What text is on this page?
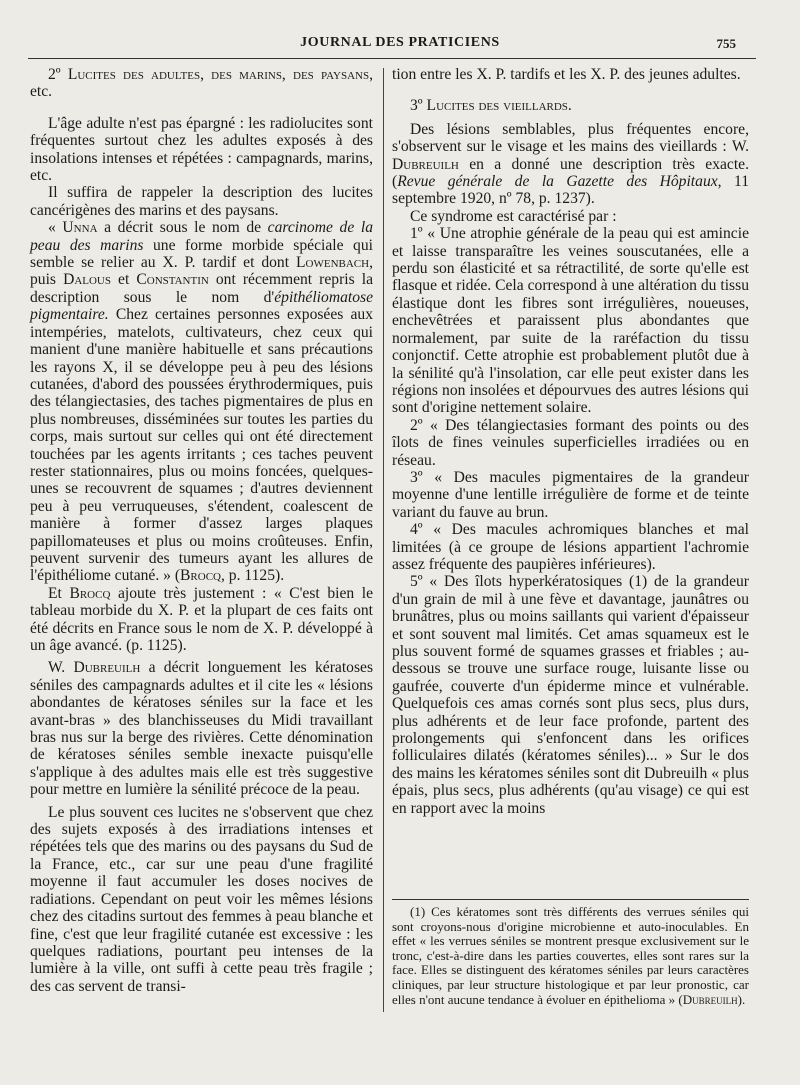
JOURNAL DES PRATICIENS	755

2º Lucites des adultes, des marins, des paysans, etc.

L'âge adulte n'est pas épargné : les radiolucites sont fréquentes surtout chez les adultes exposés à des insolations intenses et répétées : campagnards, marins, etc.

Il suffira de rappeler la description des lucites cancérigènes des marins et des paysans.

« Unna a décrit sous le nom de carcinome de la peau des marins une forme morbide spéciale qui semble se relier au X. P. tardif et dont Lowenbach, puis Dalous et Constantin ont récemment repris la description sous le nom d'épithéliomatose pigmentaire. Chez certaines personnes exposées aux intempéries, matelots, cultivateurs, chez ceux qui manient d'une manière habituelle et sans précautions les rayons X, il se développe peu à peu des lésions cutanées, d'abord des poussées érythrodermiques, puis des télangiectasies, des taches pigmentaires de plus en plus nombreuses, disséminées sur toutes les parties du corps, mais surtout sur celles qui ont été directement touchées par les agents irritants ; ces taches peuvent rester stationnaires, plus ou moins foncées, quelques-unes se recouvrent de squames ; d'autres deviennent peu à peu verruqueuses, s'étendent, coalescent de manière à former d'assez larges plaques papillomateuses et plus ou moins croûteuses. Enfin, peuvent survenir des tumeurs ayant les allures de l'épithéliome cutané. » (Brocq, p. 1125).

Et Brocq ajoute très justement : « C'est bien le tableau morbide du X. P. et la plupart de ces faits ont été décrits en France sous le nom de X. P. développé à un âge avancé. (p. 1125).

W. Dubreuilh a décrit longuement les kératoses séniles des campagnards adultes et il cite les « lésions abondantes de kératoses séniles sur la face et les avant-bras » des blanchisseuses du Midi travaillant bras nus sur la berge des rivières. Cette dénomination de kératoses séniles semble inexacte puisqu'elle s'applique à des adultes mais elle est très suggestive pour mettre en lumière la sénilité précoce de la peau.

Le plus souvent ces lucites ne s'observent que chez des sujets exposés à des irradiations intenses et répétées tels que des marins ou des paysans du Sud de la France, etc., car sur une peau d'une fragilité moyenne il faut accumuler les doses nocives de radiations. Cependant on peut voir les mêmes lésions chez des citadins surtout des femmes à peau blanche et fine, c'est que leur fragilité cutanée est excessive : les quelques radiations, pourtant peu intenses de la lumière à la ville, ont suffi à cette peau très fragile ; des cas servent de transi-

tion entre les X. P. tardifs et les X. P. des jeunes adultes.

3º Lucites des vieillards.

Des lésions semblables, plus fréquentes encore, s'observent sur le visage et les mains des vieillards : W. Dubreuilh en a donné une description très exacte. (Revue générale de la Gazette des Hôpitaux, 11 septembre 1920, nº 78, p. 1237).

Ce syndrome est caractérisé par :

1º « Une atrophie générale de la peau qui est amincie et laisse transparaître les veines souscutanées, elle a perdu son élasticité et sa rétractilité, de sorte qu'elle est flasque et ridée. Cela correspond à une altération du tissu élastique dont les fibres sont irrégulières, noueuses, enchevêtrées et paraissent plus abondantes que normalement, par suite de la raréfaction du tissu conjonctif. Cette atrophie est probablement plutôt due à la sénilité qu'à l'insolation, car elle peut exister dans les régions non insolées et dépourvues des autres lésions qui sont d'origine nettement solaire.

2º « Des télangiectasies formant des points ou des îlots de fines veinules superficielles irradiées ou en réseau.

3º « Des macules pigmentaires de la grandeur moyenne d'une lentille irrégulière de forme et de teinte variant du fauve au brun.

4º « Des macules achromiques blanches et mal limitées (à ce groupe de lésions appartient l'achromie assez fréquente des paupières inférieures).

5º « Des îlots hyperkératosiques (1) de la grandeur d'un grain de mil à une fève et davantage, jaunâtres ou brunâtres, plus ou moins saillants qui varient d'épaisseur et sont souvent mal limités. Cet amas squameux est le plus souvent formé de squames grasses et friables ; au-dessous se trouve une surface rouge, luisante lisse ou gaufrée, couverte d'un épiderme mince et vulnérable. Quelquefois ces amas cornés sont plus secs, plus durs, plus adhérents et de leur face profonde, partent des prolongements qui s'enfoncent dans les orifices folliculaires dilatés (kératomes séniles)... » Sur le dos des mains les kératomes séniles sont dit Dubreuilh « plus épais, plus secs, plus adhérents (qu'au visage) ce qui est en rapport avec la moins

(1) Ces kératomes sont très différents des verrues séniles qui sont croyons-nous d'origine microbienne et auto-inoculables. En effet « les verrues séniles se montrent presque exclusivement sur le tronc, c'est-à-dire dans les parties couvertes, elles sont rares sur la face. Elles se distinguent des kératomes séniles par leurs caractères cliniques, par leur structure histologique et par leur pronostic, car elles n'ont aucune tendance à évoluer en épithelioma » (Dubreuilh).
